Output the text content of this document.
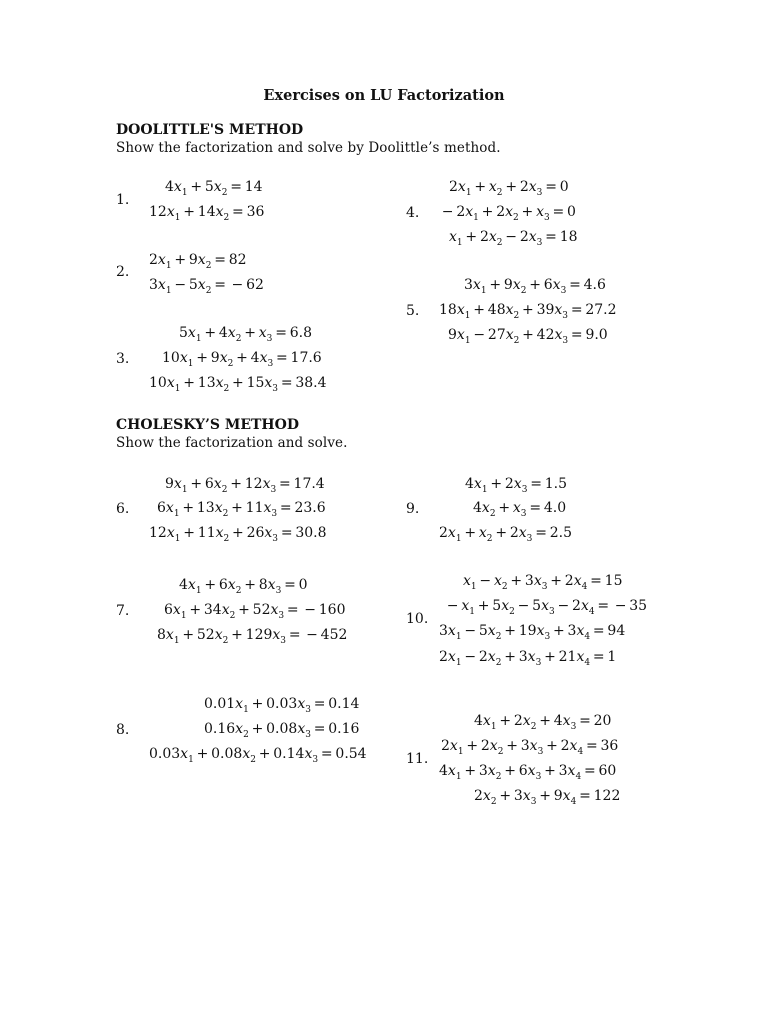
Exercises on LU Factorization
DOOLITTLE'S METHOD
Show the factorization and solve by Doolittle’s method.
CHOLESKY’S METHOD
Show the factorization and solve.
1.
$4x_1 + 5x_2 = 14$
$12x_1 + 14x_2 = 36$
2.
$2x_1 + 9x_2 = 82$
$3x_1 - 5x_2$ =  − 62
3.
$5x_1 + 4x_2 + x_3 = 6.8$
$10x_1 + 9x_2 + 4x_3 = 17.6$
$10x_1 + 13x_2 + 15x_3 = 38.4$
4.
$2x_1 + x_2 + 2x_3 = 0$
 − $2x_1 + 2x_2 + x_3 = 0$
$x_1 + 2x_2 - 2x_3 = 18$
5.
$3x_1 + 9x_2 + 6x_3 = 4.6$
$18x_1 + 48x_2 + 39x_3 = 27.2$
$9x_1 - 27x_2 + 42x_3 = 9.0$
6.
$9x_1 + 6x_2 + 12x_3 = 17.4$
$6x_1 + 13x_2 + 11x_3 = 23.6$
$12x_1 + 11x_2 + 26x_3 = 30.8$
7.
$4x_1 + 6x_2 + 8x_3 = 0$
$6x_1 + 34x_2 + 52x_3$ =  − 160
$8x_1 + 52x_2 + 129x_3$ =  − 452
8.
$0.01x_1 + 0.03x_3 = 0.14$
$0.16x_2 + 0.08x_3 = 0.16$
$0.03x_1 + 0.08x_2 + 0.14x_3 = 0.54$
9.
$4x_1 + 2x_3 = 1.5$
$4x_2 + x_3 = 4.0$
$2x_1 + x_2 + 2x_3 = 2.5$
10.
$x_1 - x_2 + 3x_3 + 2x_4 = 15$
 − $x_1 + 5x_2 - 5x_3 - 2x_4$ =  − 35
$3x_1 - 5x_2 + 19x_3 + 3x_4 = 94$
$2x_1 - 2x_2 + 3x_3 + 21x_4 = 1$
11.
$4x_1 + 2x_2 + 4x_3 = 20$
$2x_1 + 2x_2 + 3x_3 + 2x_4 = 36$
$4x_1 + 3x_2 + 6x_3 + 3x_4 = 60$
$2x_2 + 3x_3 + 9x_4 = 122$
